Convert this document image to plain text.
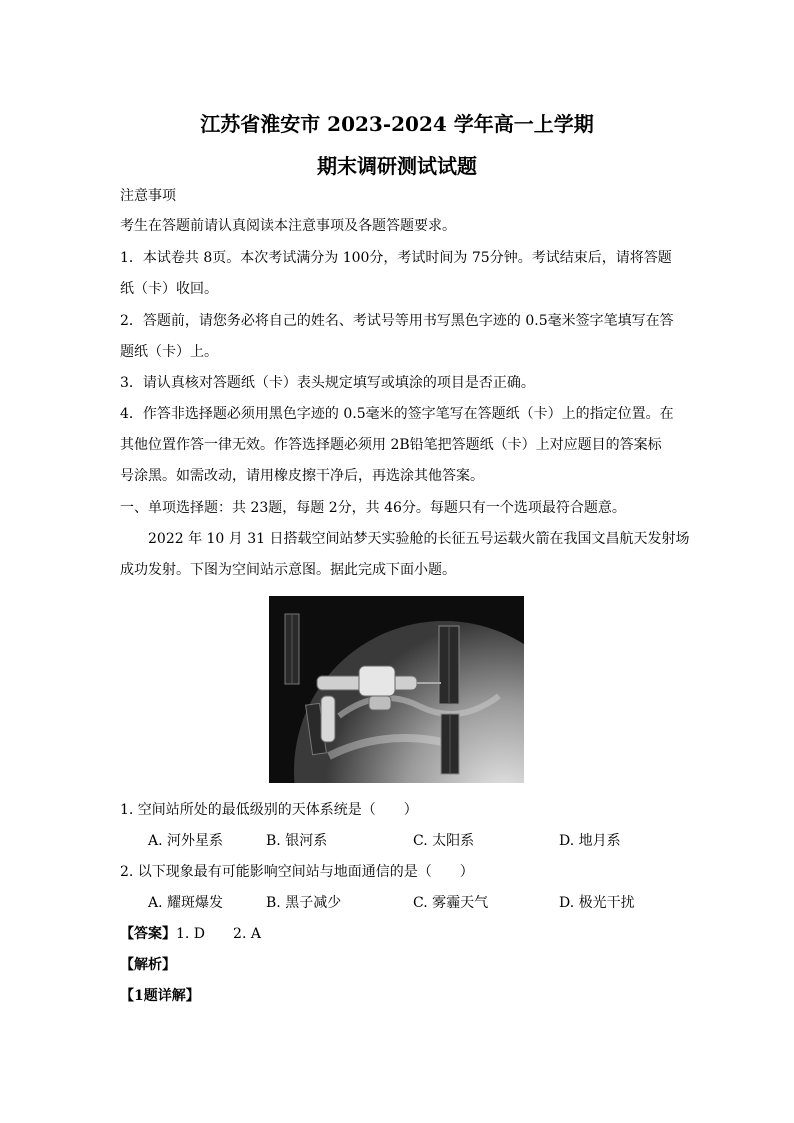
江苏省淮安市 2023-2024 学年高一上学期
期末调研测试试题
注意事项
考生在答题前请认真阅读本注意事项及各题答题要求。
1．本试卷共 8页。本次考试满分为 100分，考试时间为 75分钟。考试结束后，请将答题
纸（卡）收回。
2．答题前，请您务必将自己的姓名、考试号等用书写黑色字迹的 0.5毫米签字笔填写在答
题纸（卡）上。
3．请认真核对答题纸（卡）表头规定填写或填涂的项目是否正确。
4．作答非选择题必须用黑色字迹的 0.5毫米的签字笔写在答题纸（卡）上的指定位置。在
其他位置作答一律无效。作答选择题必须用 2B铅笔把答题纸（卡）上对应题目的答案标
号涂黑。如需改动，请用橡皮擦干净后，再选涂其他答案。
一、单项选择题：共 23题，每题 2分，共 46分。每题只有一个选项最符合题意。
2022 年 10 月 31 日搭载空间站梦天实验舱的长征五号运载火箭在我国文昌航天发射场
成功发射。下图为空间站示意图。据此完成下面小题。
1. 空间站所处的最低级别的天体系统是（　　）
A. 河外星系	B. 银河系	C. 太阳系	D. 地月系
2. 以下现象最有可能影响空间站与地面通信的是（　　）
A. 耀斑爆发	B. 黑子减少	C. 雾霾天气	D. 极光干扰
【答案】1. D　　2. A
【解析】
【1题详解】
